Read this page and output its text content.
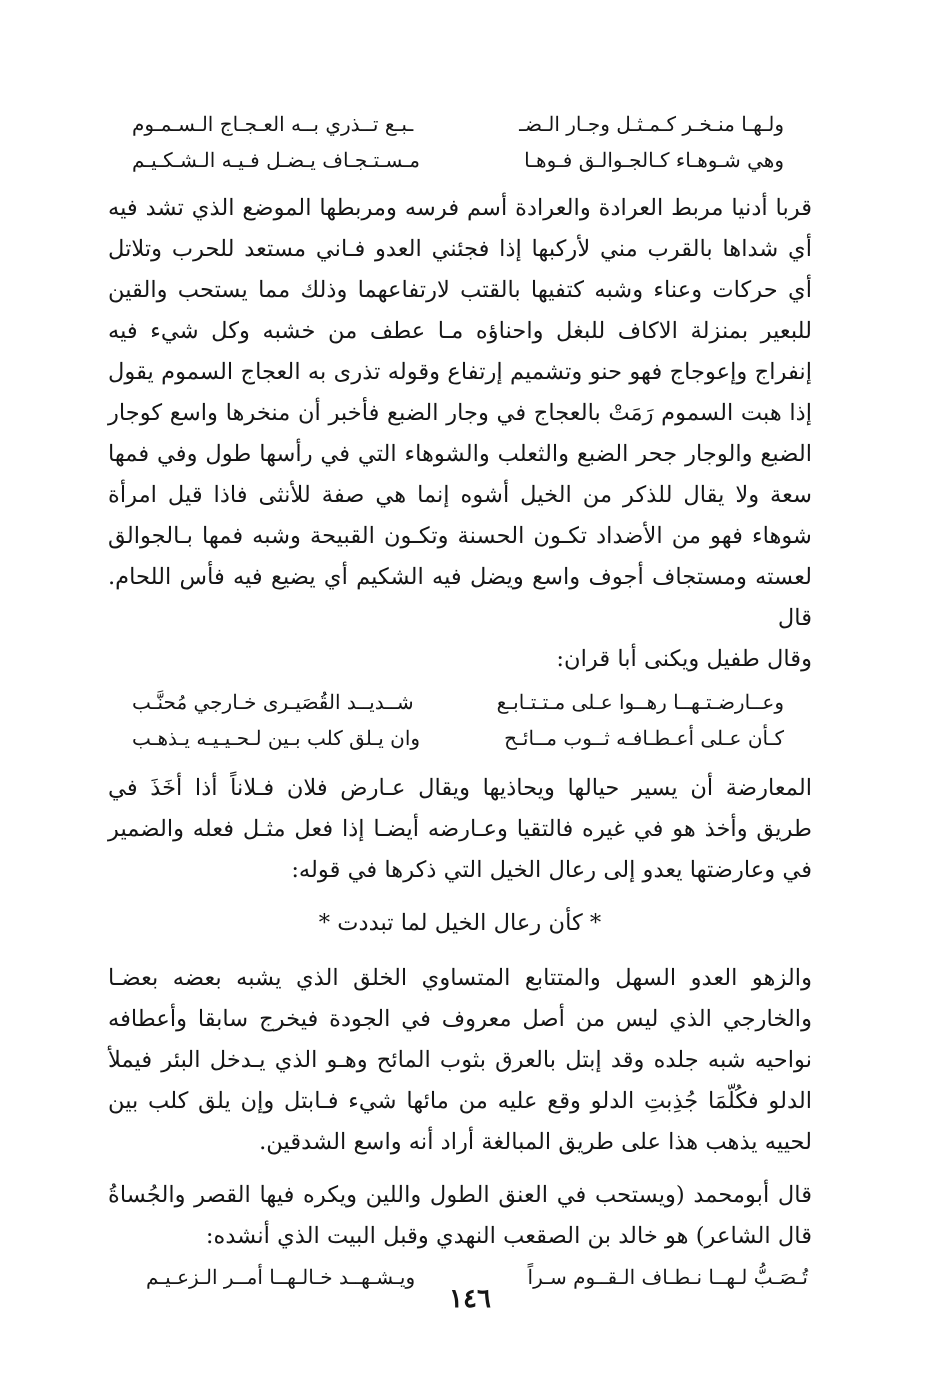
ولـهـا منـخـر كـمـثـل وجـار الـضـ
ـبـع تــذري بــه العـجـاج الـسـمـوم
وهي شـوهـاء كـالجـوالـق فـوهـا
مـسـتـجـاف يـضـل فـيـه الـشـكـيـم

قربا أدنيا مربط العرادة والعرادة أسم فرسه ومربطها الموضع الذي تشد فيه أي شداها بالقرب مني لأركبها إذا فجئني العدو فـاني مستعد للحرب وتلاتل أي حركات وعناء وشبه كتفيها بالقتب لارتفاعهما وذلك مما يستحب والقين للبعير بمنزلة الاكاف للبغل واحناؤه مـا عطف من خشبه وكل شيء فيه إنفراج وإعوجاج فهو حنو وتشميم إرتفاع وقوله تذرى به العجاج السموم يقول إذا هبت السموم رَمَتْ بالعجاج في وجار الضبع فأخبر أن منخرها واسع كوجار الضبع والوجار جحر الضبع والثعلب والشوهاء التي في رأسها طول وفي فمها سعة ولا يقال للذكر من الخيل أشوه إنما هي صفة للأنثى فاذا قيل امرأة شوهاء فهو من الأضداد تكـون الحسنة وتكـون القبيحة وشبه فمها بـالجوالق لعسته ومستجاف أجوف واسع ويضل فيه الشكيم أي يضيع فيه فأس اللحام. قال

وقال طفيل ويكنى أبا قران:

وعــارضـتـهــا رهــوا عـلى مـتـتـابـع
شــديــد القُصَيـرى خـارجي مُحنَّـب
كـأن عـلى أعـطـافـه ثــوب مــائـح
وان يـلق كلب بـين لـحـيـيـه يـذهـب

المعارضة أن يسير حيالها ويحاذيها ويقال عـارض فلان فـلاناً أذا أخَذَ في طريق وأخذ هو في غيره فالتقيا وعـارضه أيضـا إذا فعل مثـل فعله والضمير في وعارضتها يعدو إلى رعال الخيل التي ذكرها في قوله:

* كأن رعال الخيل لما تبددت *

والزهو العدو السهل والمتتابع المتساوي الخلق الذي يشبه بعضه بعضـا والخارجي الذي ليس من أصل معروف في الجودة فيخرج سابقا وأعطافه نواحيه شبه جلده وقد إبتل بالعرق بثوب المائح وهـو الذي يـدخل البئر فيملأ الدلو فكُلّمَا جُذِبتِ الدلو وقع عليه من مائها شيء فـابتل وإن يلق كلب بين لحييه يذهب هذا على طريق المبالغة أراد أنه واسع الشدقين.

قال أبومحمد (ويستحب في العنق الطول واللين ويكره فيها القصر والجُساةُ قال الشاعر) هو خالد بن الصقعب النهدي وقبل البيت الذي أنشده:

تُـصَـبُّ لـهــا نـطـاف الـقــوم سـراً
ويـشـهــد خـالـهــا أمــر الـزعـيـم
١٤٦
